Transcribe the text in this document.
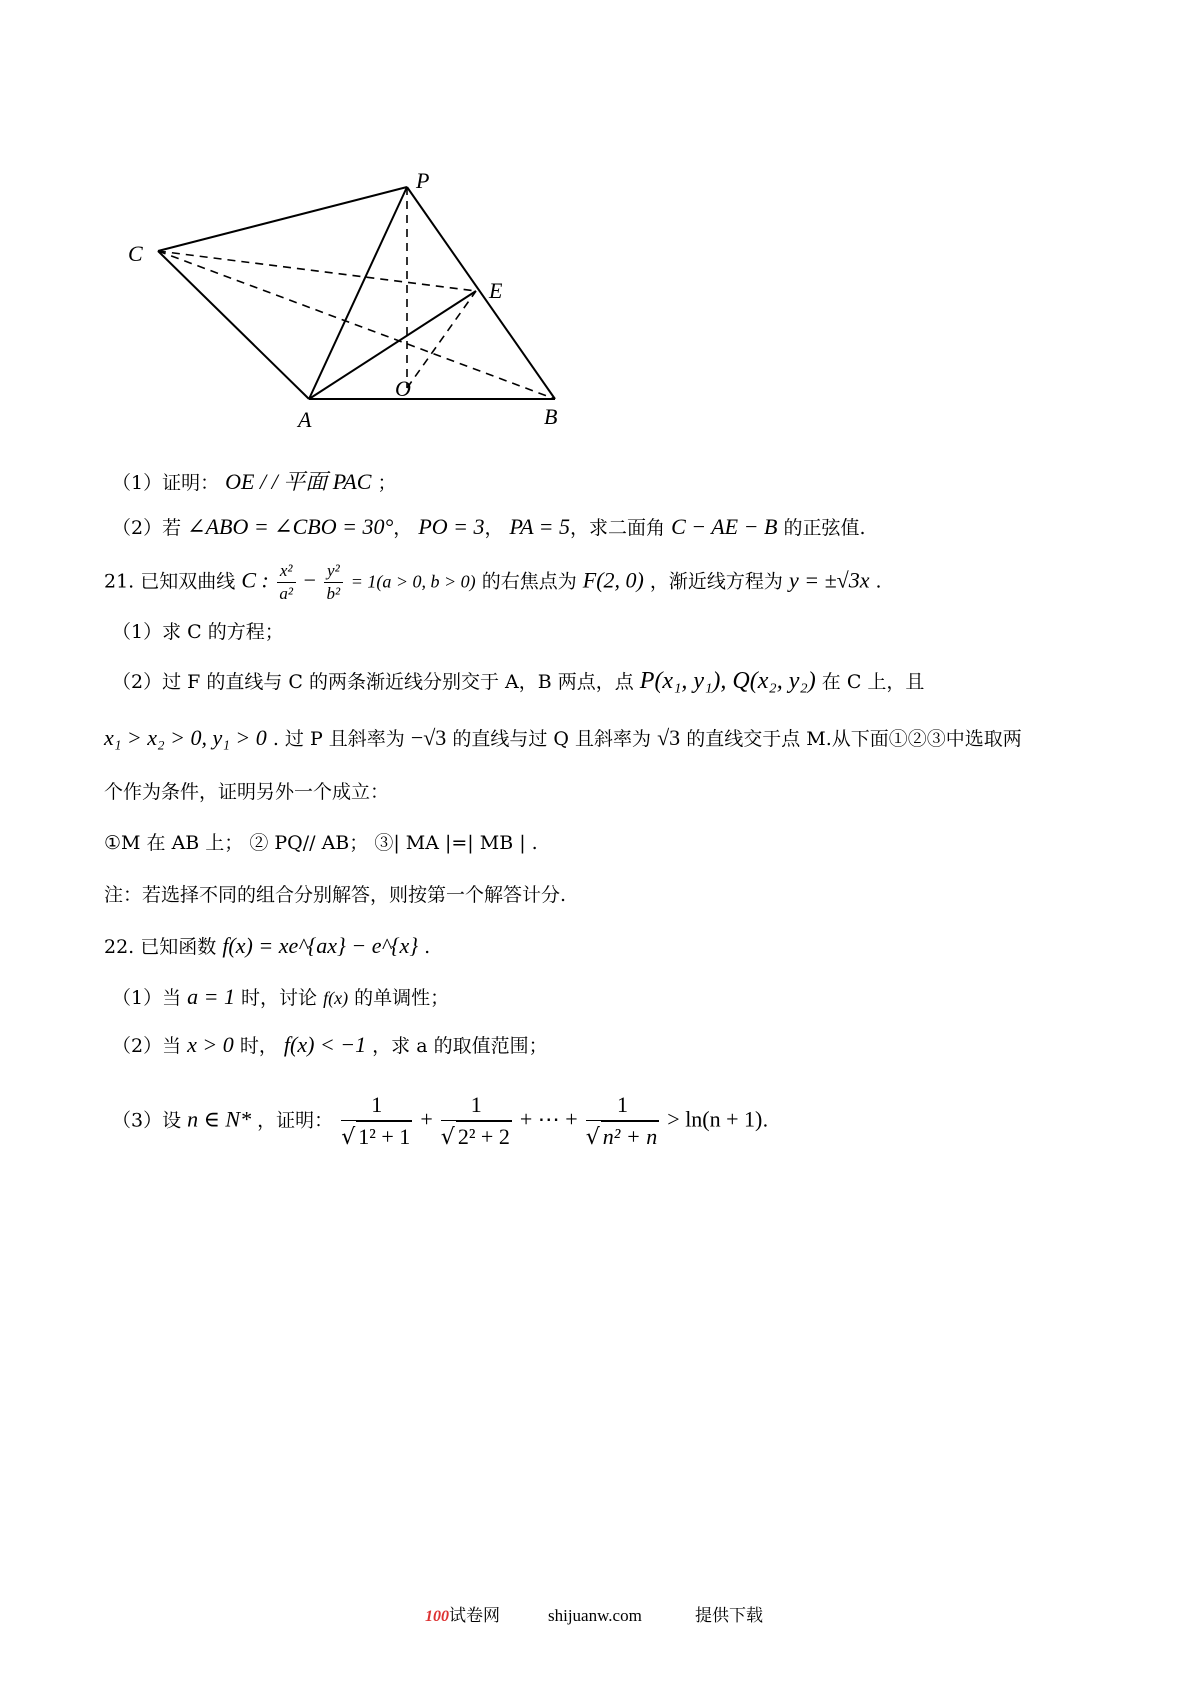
P
C
E
O
A	B
（1）证明： OE / / 平面 PAC ；
（2）若 ∠ABO = ∠CBO = 30°， PO = 3， PA = 5，求二面角 C − AE − B 的正弦值.
21. 已知双曲线 C : $\frac{\text{x²}}{\text{a²}} - \frac{\text{y²}}{\text{b²}} = 1(a > 0$, b > 0) 的右焦点为 F(2, 0) ，渐近线方程为 y = ±√3x .
（1）求 C 的方程；
（2）过 F 的直线与 C 的两条渐近线分别交于 A，B 两点，点 P(x₁, y₁), Q(x₂, y₂) 在 C 上，且
x₁ > x₂ > 0, y₁ > 0 . 过 P 且斜率为 −√3 的直线与过 Q 且斜率为 √3 的直线交于点 M.从下面①②③中选取两
个作为条件，证明另外一个成立：
①M 在 AB 上； ② PQ// AB； ③| MA |=| MB | .
注：若选择不同的组合分别解答，则按第一个解答计分.
22. 已知函数 f(x) = xe^{ax} − e^{x} .
（1）当 a = 1 时，讨论 f(x) 的单调性；
（2）当 x > 0 时， f(x) < −1 ，求 a 的取值范围；
（3）设 n ∈ N* ，证明： $\frac{1}{\text{√ 1² + 1}} + \frac{1}{\text{√ 2² + 2}}$ + ⋯ + $\frac{1}{\text{√ n² + n}} > \ln(n + 1)$.
100试卷网	shijuanw.com	提供下载
